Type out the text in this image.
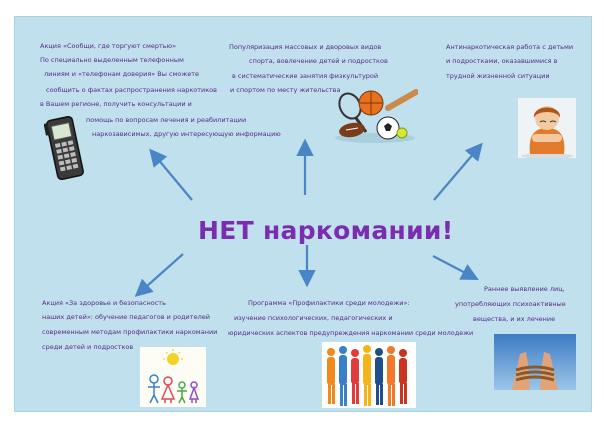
Акция «Сообщи, где торгуют смертью»
По специально выделенным телефонным
линиям и «телефонам доверия» Вы сможете
сообщить о фактах распространения наркотиков
в Вашем регионе, получить консультации и
помощь по вопросам лечения и реабилитации
наркозависимых, другую интересующую информацию
Популяризация массовых и дворовых видов
спорта, вовлечение детей и подростков
в систематические занятия физкультурой
и спортом по месту жительства
Антинаркотическая работа с детьми
и подростками, оказавшимися в
трудной жизненной ситуации
Акция «За здоровье и безопасность
наших детей»: обучение педагогов и родителей
современным методам профилактики наркомании
среди детей и подростков
Программа «Профилактики среди молодежи»:
изучение психологических, педагогических и
юридических аспектов предупреждения наркомании среди молодежи
Раннее выявление лиц,
употребляющих психоактивные
вещества, и их лечение
НЕТ наркомании!
